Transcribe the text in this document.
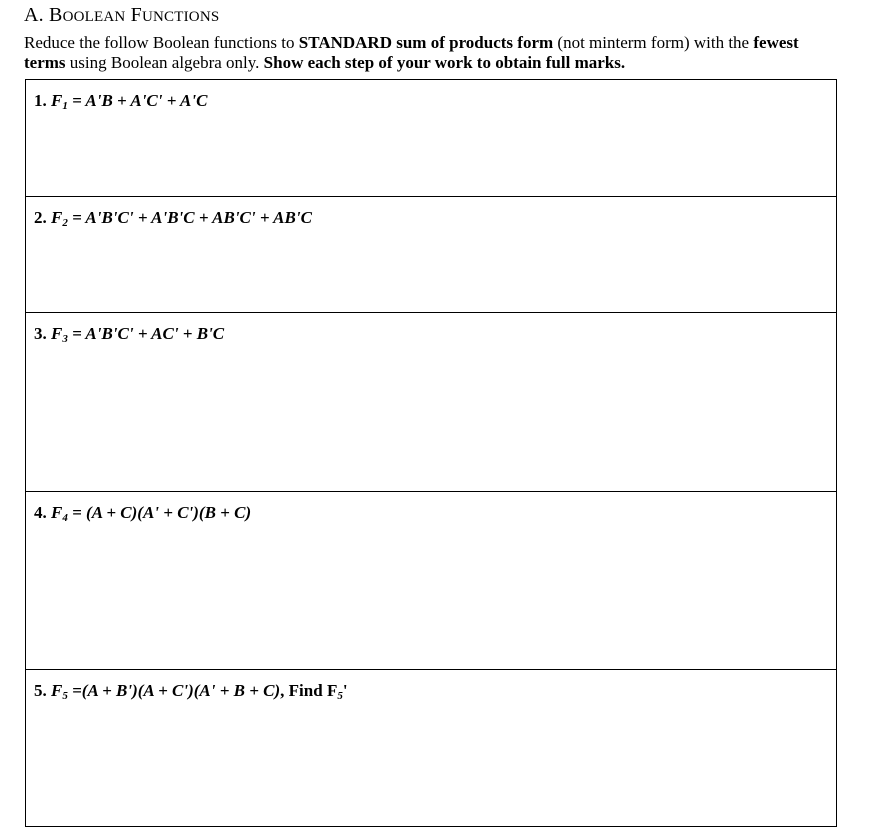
A. BOOLEAN FUNCTIONS
Reduce the follow Boolean functions to STANDARD sum of products form (not minterm form) with the fewest terms using Boolean algebra only. Show each step of your work to obtain full marks.
1. $F_1 = A'B + A'C' + A'C$
2. $F_2 = A'B'C' + A'B'C + AB'C' + AB'C$
3. $F_3 = A'B'C' + AC' + B'C$
4. $F_4 = (A + C)(A' + C')(B + C)$
5. $F_5 =(A + B')(A + C')(A' + B + C)$, Find $F_5'$
